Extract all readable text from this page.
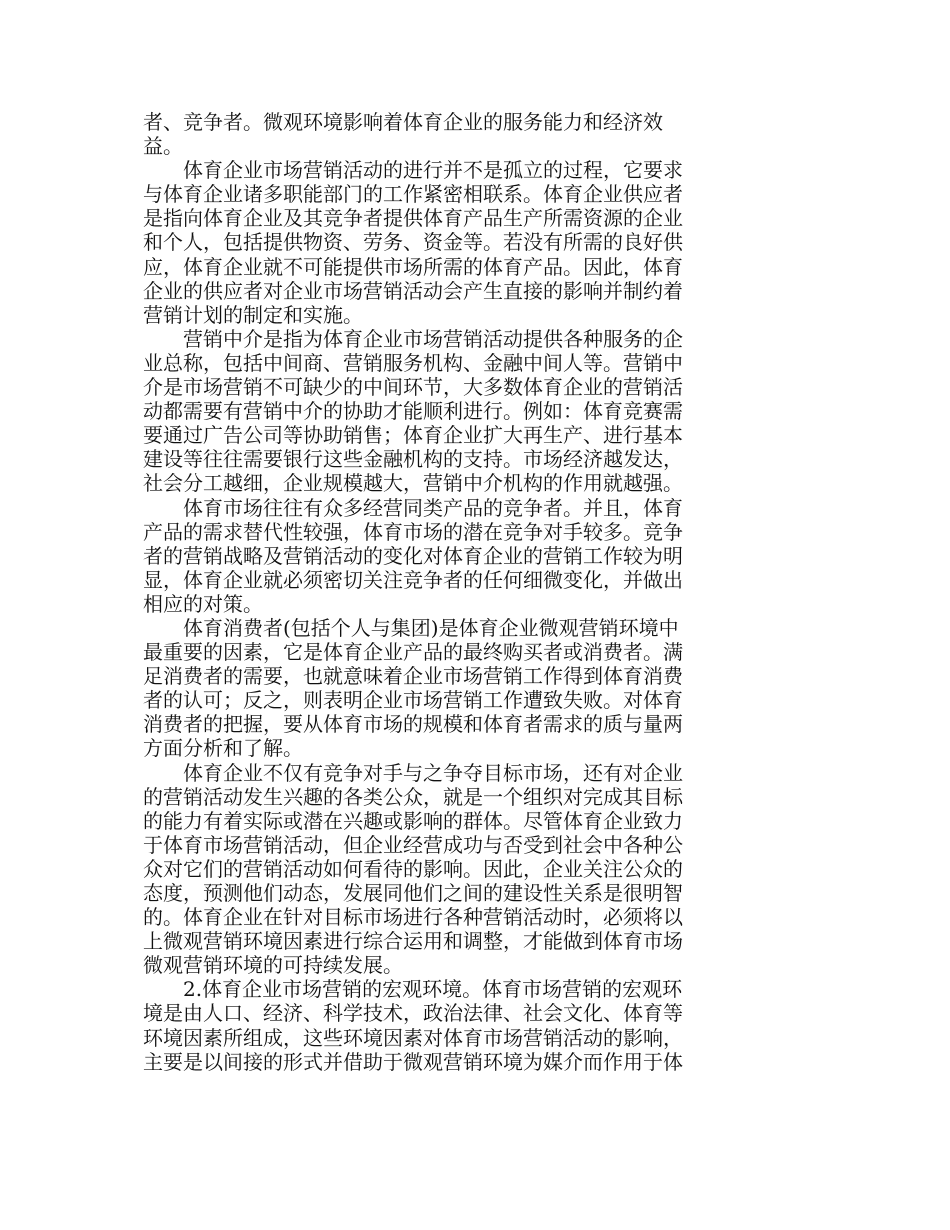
者、竞争者。微观环境影响着体育企业的服务能力和经济效
益。
　　体育企业市场营销活动的进行并不是孤立的过程，它要求
与体育企业诸多职能部门的工作紧密相联系。体育企业供应者
是指向体育企业及其竞争者提供体育产品生产所需资源的企业
和个人，包括提供物资、劳务、资金等。若没有所需的良好供
应，体育企业就不可能提供市场所需的体育产品。因此，体育
企业的供应者对企业市场营销活动会产生直接的影响并制约着
营销计划的制定和实施。
　　营销中介是指为体育企业市场营销活动提供各种服务的企
业总称，包括中间商、营销服务机构、金融中间人等。营销中
介是市场营销不可缺少的中间环节，大多数体育企业的营销活
动都需要有营销中介的协助才能顺利进行。例如：体育竞赛需
要通过广告公司等协助销售；体育企业扩大再生产、进行基本
建设等往往需要银行这些金融机构的支持。市场经济越发达，
社会分工越细，企业规模越大，营销中介机构的作用就越强。
　　体育市场往往有众多经营同类产品的竞争者。并且，体育
产品的需求替代性较强，体育市场的潜在竞争对手较多。竞争
者的营销战略及营销活动的变化对体育企业的营销工作较为明
显，体育企业就必须密切关注竞争者的任何细微变化，并做出
相应的对策。
　　体育消费者(包括个人与集团)是体育企业微观营销环境中
最重要的因素，它是体育企业产品的最终购买者或消费者。满
足消费者的需要，也就意味着企业市场营销工作得到体育消费
者的认可；反之，则表明企业市场营销工作遭致失败。对体育
消费者的把握，要从体育市场的规模和体育者需求的质与量两
方面分析和了解。
　　体育企业不仅有竞争对手与之争夺目标市场，还有对企业
的营销活动发生兴趣的各类公众，就是一个组织对完成其目标
的能力有着实际或潜在兴趣或影响的群体。尽管体育企业致力
于体育市场营销活动，但企业经营成功与否受到社会中各种公
众对它们的营销活动如何看待的影响。因此，企业关注公众的
态度，预测他们动态，发展同他们之间的建设性关系是很明智
的。体育企业在针对目标市场进行各种营销活动时，必须将以
上微观营销环境因素进行综合运用和调整，才能做到体育市场
微观营销环境的可持续发展。
　　2.体育企业市场营销的宏观环境。体育市场营销的宏观环
境是由人口、经济、科学技术，政治法律、社会文化、体育等
环境因素所组成，这些环境因素对体育市场营销活动的影响，
主要是以间接的形式并借助于微观营销环境为媒介而作用于体
